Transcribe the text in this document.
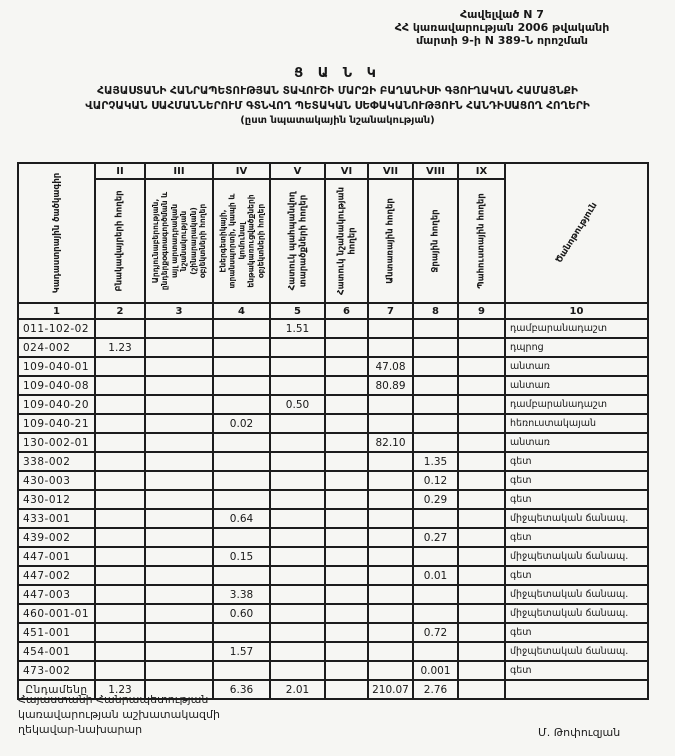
Հավելված N 7
ՀՀ կառավարության 2006 թվականի
մարտի 9-ի N 389-Ն որոշման
Ց Ա Ն Կ
ՀԱՅԱՍՏԱՆԻ ՀԱՆՐԱՊԵՏՈՒԹՅԱՆ ՏԱՎՈՒՇԻ ՄԱՐԶԻ ԲԱՂԱՆԻՍԻ ԳՅՈՒՂԱԿԱՆ ՀԱՄԱՅՆՔԻ
ՎԱՐՉԱԿԱՆ ՍԱՀՄԱՆՆԵՐՈՒՄ ԳՏՆՎՈՂ ՊԵՏԱԿԱՆ ՍԵՓԱԿԱՆՈՒԹՅՈՒՆ ՀԱՆԴԻՍԱՑՈՂ ՀՈՂԵՐԻ
(ըստ նպատակային նշանակության)
Կադաստրային ծածկագիր	II	III	IV	V	VI	VII	VIII	IX	Ծանոթություն

	Բնակավայրերի հողեր	Արդյունաբերության, ընդերքօգտագործման և այլ արտադրական նշանակության (շինարարական) օբյեկտների հողեր	Էներգետիկայի, տրանսպորտի, կապի և կոմունալ ենթակառուցվածքների օբյեկտների հողեր	Հատուկ պահպանվող տարածքների հողեր	Հատուկ նշանակության հողեր	Անտառային հողեր	Ջրային հողեր	Պահուստային հողեր	

1	2	3	4	5	6	7	8	9	10
011-102-02				1.51					դամբարանադաշտ
024-002	1.23								դպրոց
109-040-01						47.08			անտառ
109-040-08						80.89			անտառ
109-040-20				0.50					դամբարանադաշտ
109-040-21			0.02						հեռուստակայան
130-002-01						82.10			անտառ
338-002							1.35		գետ
430-003							0.12		գետ
430-012							0.29		գետ
433-001			0.64						միջպետական ճանապ.
439-002							0.27		գետ
447-001			0.15						միջպետական ճանապ.
447-002							0.01		գետ
447-003			3.38						միջպետական ճանապ.
460-001-01			0.60						միջպետական ճանապ.
451-001							0.72		գետ
454-001			1.57						միջպետական ճանապ.
473-002							0.001		գետ
Ընդամենը	1.23		6.36	2.01		210.07	2.76		
Հայաստանի Հանրապետության
կառավարության աշխատակազմի
ղեկավար-նախարար	Մ. Թոփուզյան
